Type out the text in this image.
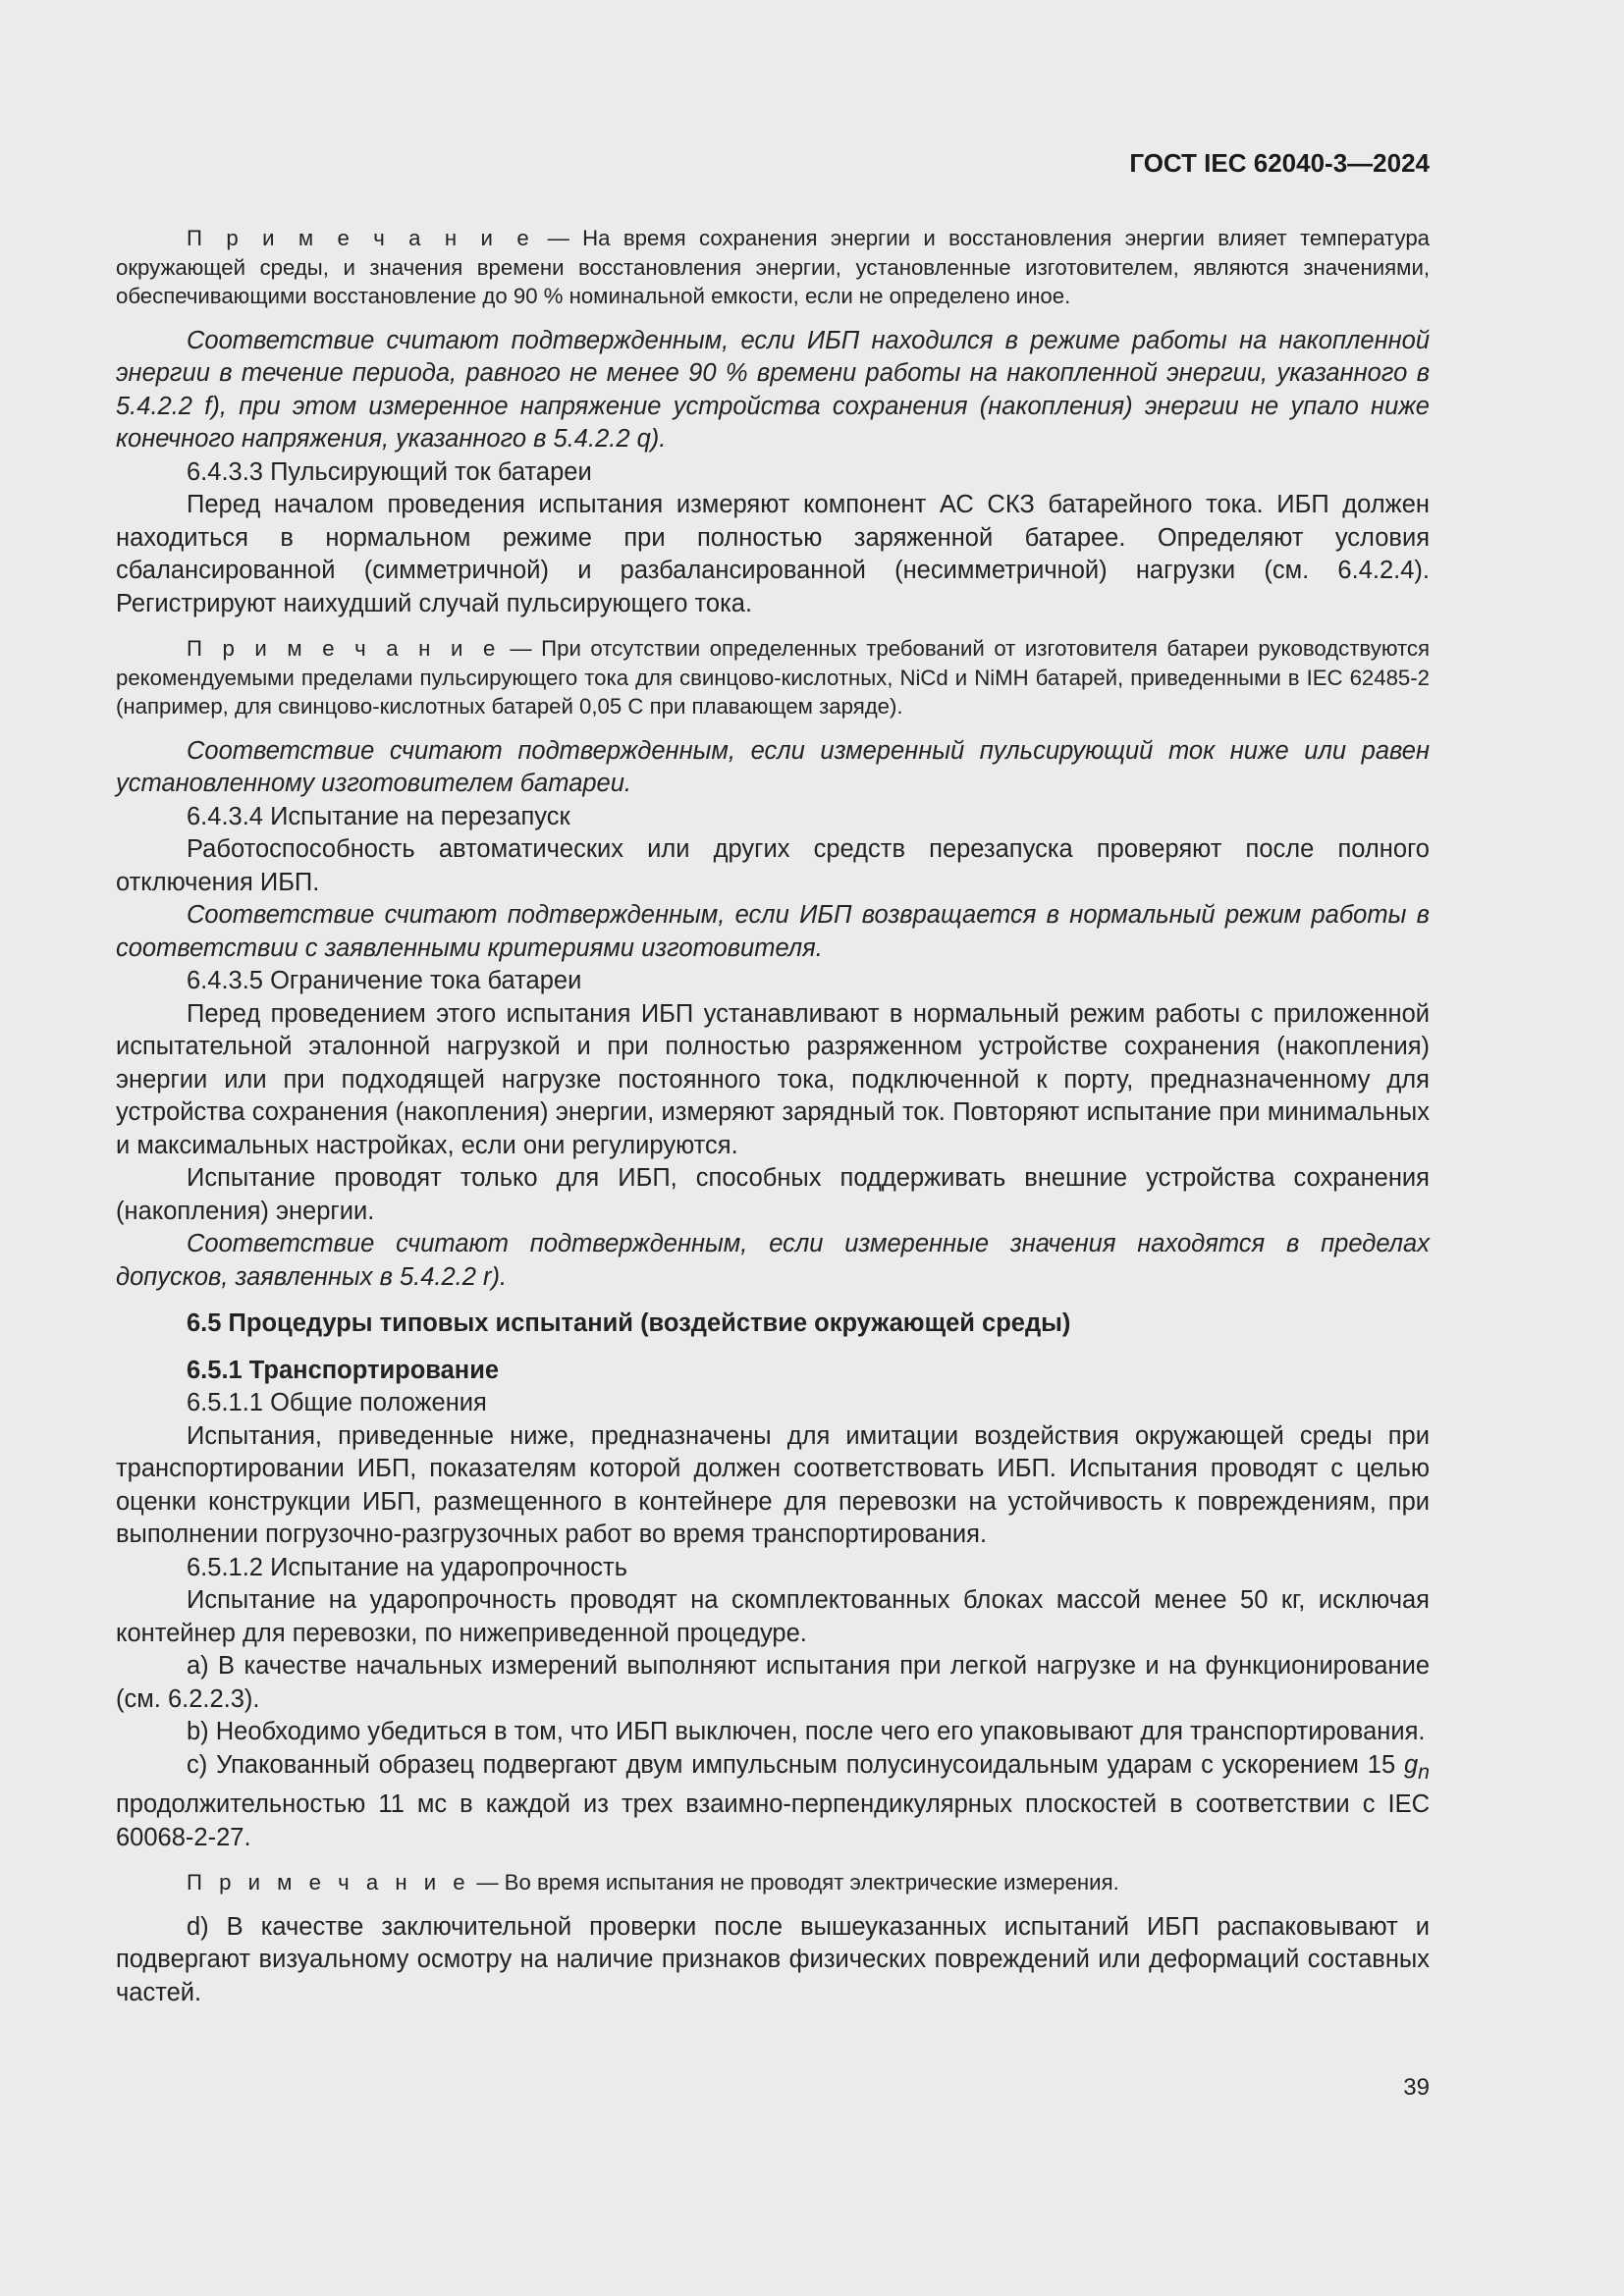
ГОСТ IEC 62040-3—2024

П р и м е ч а н и е — На время сохранения энергии и восстановления энергии влияет температура окружающей среды, и значения времени восстановления энергии, установленные изготовителем, являются значениями, обеспечивающими восстановление до 90 % номинальной емкости, если не определено иное.

Соответствие считают подтвержденным, если ИБП находился в режиме работы на накопленной энергии в течение периода, равного не менее 90 % времени работы на накопленной энергии, указанного в 5.4.2.2 f), при этом измеренное напряжение устройства сохранения (накопления) энергии не упало ниже конечного напряжения, указанного в 5.4.2.2 q).

6.4.3.3 Пульсирующий ток батареи

Перед началом проведения испытания измеряют компонент АС СКЗ батарейного тока. ИБП должен находиться в нормальном режиме при полностью заряженной батарее. Определяют условия сбалансированной (симметричной) и разбалансированной (несимметричной) нагрузки (см. 6.4.2.4). Регистрируют наихудший случай пульсирующего тока.

П р и м е ч а н и е — При отсутствии определенных требований от изготовителя батареи руководствуются рекомендуемыми пределами пульсирующего тока для свинцово-кислотных, NiCd и NiMH батарей, приведенными в IEC 62485-2 (например, для свинцово-кислотных батарей 0,05 С при плавающем заряде).

Соответствие считают подтвержденным, если измеренный пульсирующий ток ниже или равен установленному изготовителем батареи.

6.4.3.4 Испытание на перезапуск

Работоспособность автоматических или других средств перезапуска проверяют после полного отключения ИБП.

Соответствие считают подтвержденным, если ИБП возвращается в нормальный режим работы в соответствии с заявленными критериями изготовителя.

6.4.3.5 Ограничение тока батареи

Перед проведением этого испытания ИБП устанавливают в нормальный режим работы с приложенной испытательной эталонной нагрузкой и при полностью разряженном устройстве сохранения (накопления) энергии или при подходящей нагрузке постоянного тока, подключенной к порту, предназначенному для устройства сохранения (накопления) энергии, измеряют зарядный ток. Повторяют испытание при минимальных и максимальных настройках, если они регулируются.

Испытание проводят только для ИБП, способных поддерживать внешние устройства сохранения (накопления) энергии.

Соответствие считают подтвержденным, если измеренные значения находятся в пределах допусков, заявленных в 5.4.2.2 r).

6.5 Процедуры типовых испытаний (воздействие окружающей среды)

6.5.1 Транспортирование

6.5.1.1 Общие положения

Испытания, приведенные ниже, предназначены для имитации воздействия окружающей среды при транспортировании ИБП, показателям которой должен соответствовать ИБП. Испытания проводят с целью оценки конструкции ИБП, размещенного в контейнере для перевозки на устойчивость к повреждениям, при выполнении погрузочно-разгрузочных работ во время транспортирования.

6.5.1.2 Испытание на ударопрочность

Испытание на ударопрочность проводят на скомплектованных блоках массой менее 50 кг, исключая контейнер для перевозки, по нижеприведенной процедуре.

a) В качестве начальных измерений выполняют испытания при легкой нагрузке и на функционирование (см. 6.2.2.3).

b) Необходимо убедиться в том, что ИБП выключен, после чего его упаковывают для транспортирования.

c) Упакованный образец подвергают двум импульсным полусинусоидальным ударам с ускорением 15 $g_n$ продолжительностью 11 мс в каждой из трех взаимно-перпендикулярных плоскостей в соответствии с IEC 60068-2-27.

П р и м е ч а н и е — Во время испытания не проводят электрические измерения.

d) В качестве заключительной проверки после вышеуказанных испытаний ИБП распаковывают и подвергают визуальному осмотру на наличие признаков физических повреждений или деформаций составных частей.

39
